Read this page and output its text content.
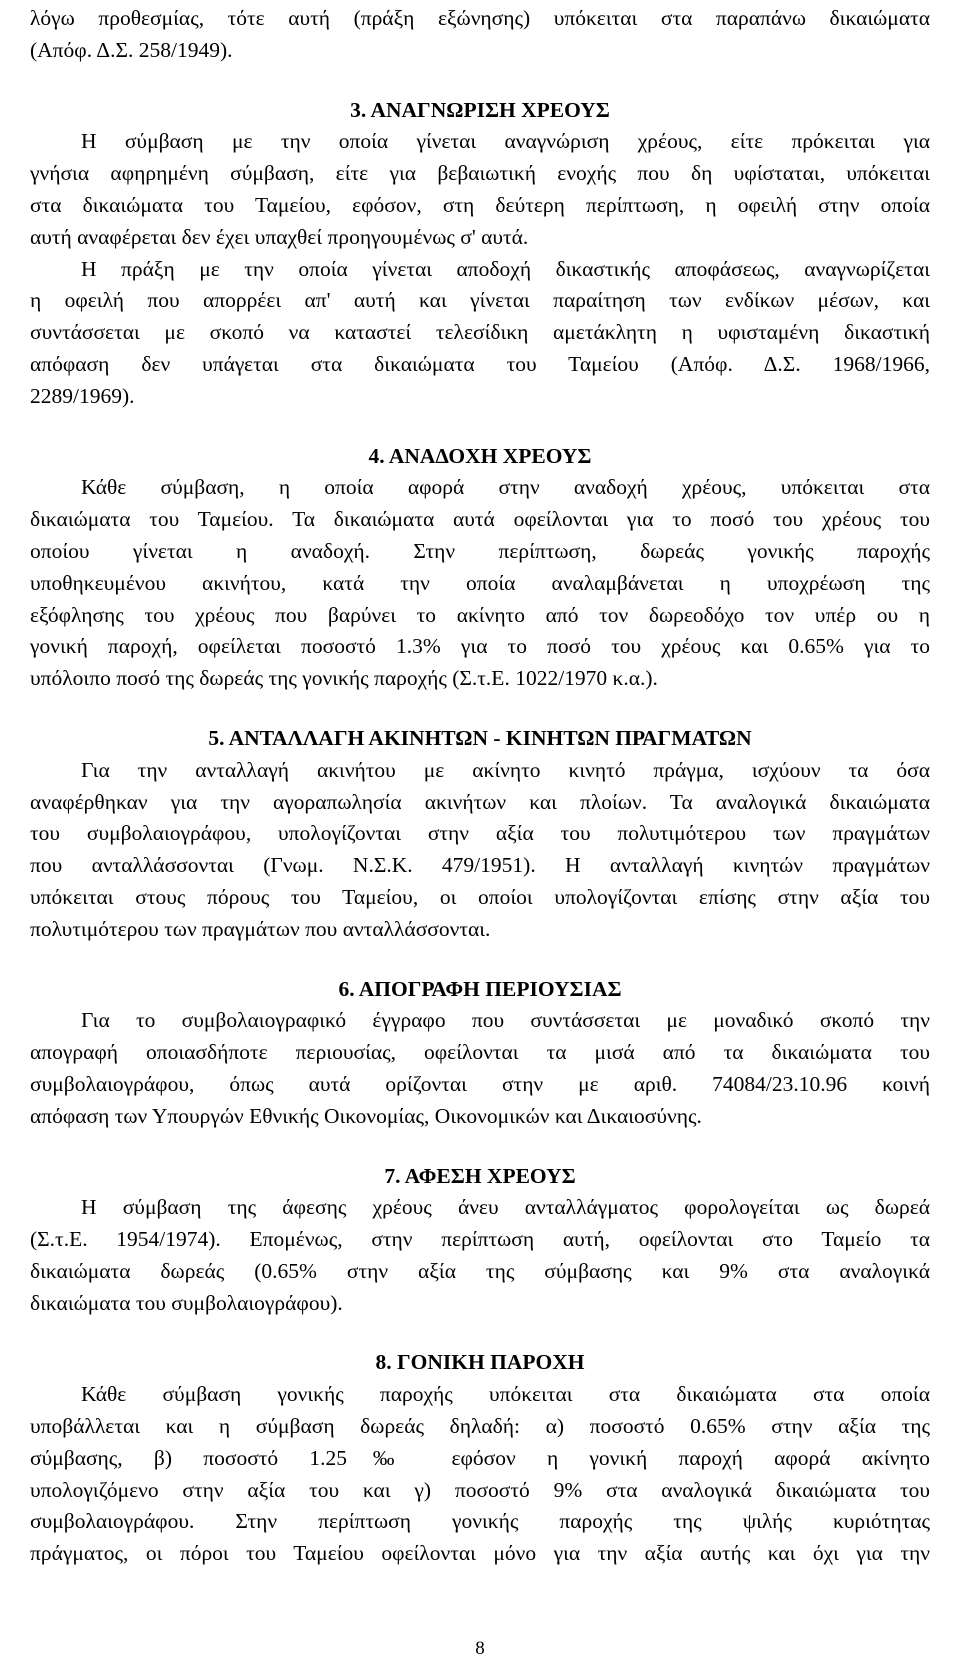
λόγω προθεσμίας, τότε αυτή (πράξη εξώνησης) υπόκειται στα παραπάνω δικαιώματα

(Απόφ. Δ.Σ. 258/1949).

3. ΑΝΑΓΝΩΡΙΣΗ ΧΡΕΟΥΣ

Η σύμβαση με την οποία γίνεται αναγνώριση χρέους, είτε πρόκειται για

γνήσια αφηρημένη σύμβαση, είτε για βεβαιωτική ενοχής που δη υφίσταται, υπόκειται

στα δικαιώματα του Ταμείου, εφόσον, στη δεύτερη περίπτωση, η οφειλή στην οποία

αυτή αναφέρεται δεν έχει υπαχθεί προηγουμένως σ' αυτά.

Η πράξη με την οποία γίνεται αποδοχή δικαστικής αποφάσεως, αναγνωρίζεται

η οφειλή που απορρέει απ' αυτή και γίνεται παραίτηση των ενδίκων μέσων, και

συντάσσεται με σκοπό να καταστεί τελεσίδικη αμετάκλητη η υφισταμένη δικαστική

απόφαση δεν υπάγεται στα δικαιώματα του Ταμείου (Απόφ. Δ.Σ. 1968/1966,

2289/1969).

4. ΑΝΑΔΟΧΗ ΧΡΕΟΥΣ

Κάθε σύμβαση, η οποία αφορά στην αναδοχή χρέους, υπόκειται στα

δικαιώματα του Ταμείου. Τα δικαιώματα αυτά οφείλονται για το ποσό του χρέους του

οποίου γίνεται η αναδοχή. Στην περίπτωση, δωρεάς γονικής παροχής

υποθηκευμένου ακινήτου, κατά την οποία αναλαμβάνεται η υποχρέωση της

εξόφλησης του χρέους που βαρύνει το ακίνητο από τον δωρεοδόχο τον υπέρ ου η

γονική παροχή, οφείλεται ποσοστό 1.3% για το ποσό του χρέους και 0.65% για το

υπόλοιπο ποσό της δωρεάς της γονικής παροχής (Σ.τ.Ε. 1022/1970 κ.α.).

5. ΑΝΤΑΛΛΑΓΗ ΑΚΙΝΗΤΩΝ - ΚΙΝΗΤΩΝ ΠΡΑΓΜΑΤΩΝ

Για την ανταλλαγή ακινήτου με ακίνητο κινητό πράγμα, ισχύουν τα όσα

αναφέρθηκαν για την αγοραπωλησία ακινήτων και πλοίων. Τα αναλογικά δικαιώματα

του συμβολαιογράφου, υπολογίζονται στην αξία του πολυτιμότερου των πραγμάτων

που ανταλλάσσονται (Γνωμ. Ν.Σ.Κ. 479/1951). Η ανταλλαγή κινητών πραγμάτων

υπόκειται στους πόρους του Ταμείου, οι οποίοι υπολογίζονται επίσης στην αξία του

πολυτιμότερου των πραγμάτων που ανταλλάσσονται.

6. ΑΠΟΓΡΑΦΗ ΠΕΡΙΟΥΣΙΑΣ

Για το συμβολαιογραφικό έγγραφο που συντάσσεται με μοναδικό σκοπό την

απογραφή οποιασδήποτε περιουσίας, οφείλονται τα μισά από τα δικαιώματα του

συμβολαιογράφου, όπως αυτά ορίζονται στην με αριθ. 74084/23.10.96 κοινή

απόφαση των Υπουργών Εθνικής Οικονομίας, Οικονομικών και Δικαιοσύνης.

7. ΑΦΕΣΗ ΧΡΕΟΥΣ

Η σύμβαση της άφεσης χρέους άνευ ανταλλάγματος φορολογείται ως δωρεά

(Σ.τ.Ε. 1954/1974). Επομένως, στην περίπτωση αυτή, οφείλονται στο Ταμείο τα

δικαιώματα δωρεάς (0.65% στην αξία της σύμβασης και 9% στα αναλογικά

δικαιώματα του συμβολαιογράφου).

8. ΓΟΝΙΚΗ ΠΑΡΟΧΗ

Κάθε σύμβαση γονικής παροχής υπόκειται στα δικαιώματα στα οποία

υποβάλλεται και η σύμβαση δωρεάς δηλαδή: α) ποσοστό 0.65% στην αξία της

σύμβασης, β) ποσοστό 1.25‰ εφόσον η γονική παροχή αφορά ακίνητο

υπολογιζόμενο στην αξία του και γ) ποσοστό 9% στα αναλογικά δικαιώματα του

συμβολαιογράφου. Στην περίπτωση γονικής παροχής της ψιλής κυριότητας

πράγματος, οι πόροι του Ταμείου οφείλονται μόνο για την αξία αυτής και όχι για την

8
